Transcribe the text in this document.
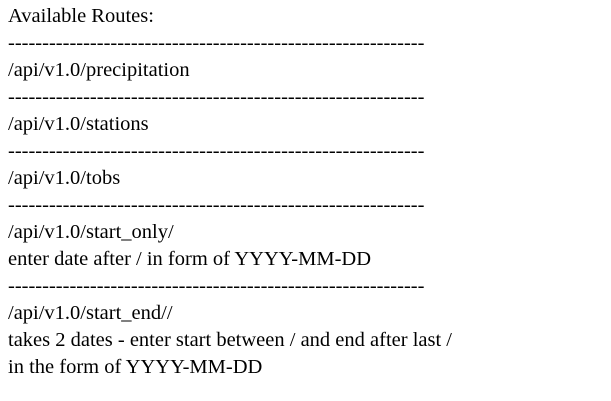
Available Routes:
-------------------------------------------------------------
/api/v1.0/precipitation
-------------------------------------------------------------
/api/v1.0/stations
-------------------------------------------------------------
/api/v1.0/tobs
-------------------------------------------------------------
/api/v1.0/start_only/
enter date after / in form of YYYY-MM-DD
-------------------------------------------------------------
/api/v1.0/start_end//
takes 2 dates - enter start between / and end after last /
in the form of YYYY-MM-DD
